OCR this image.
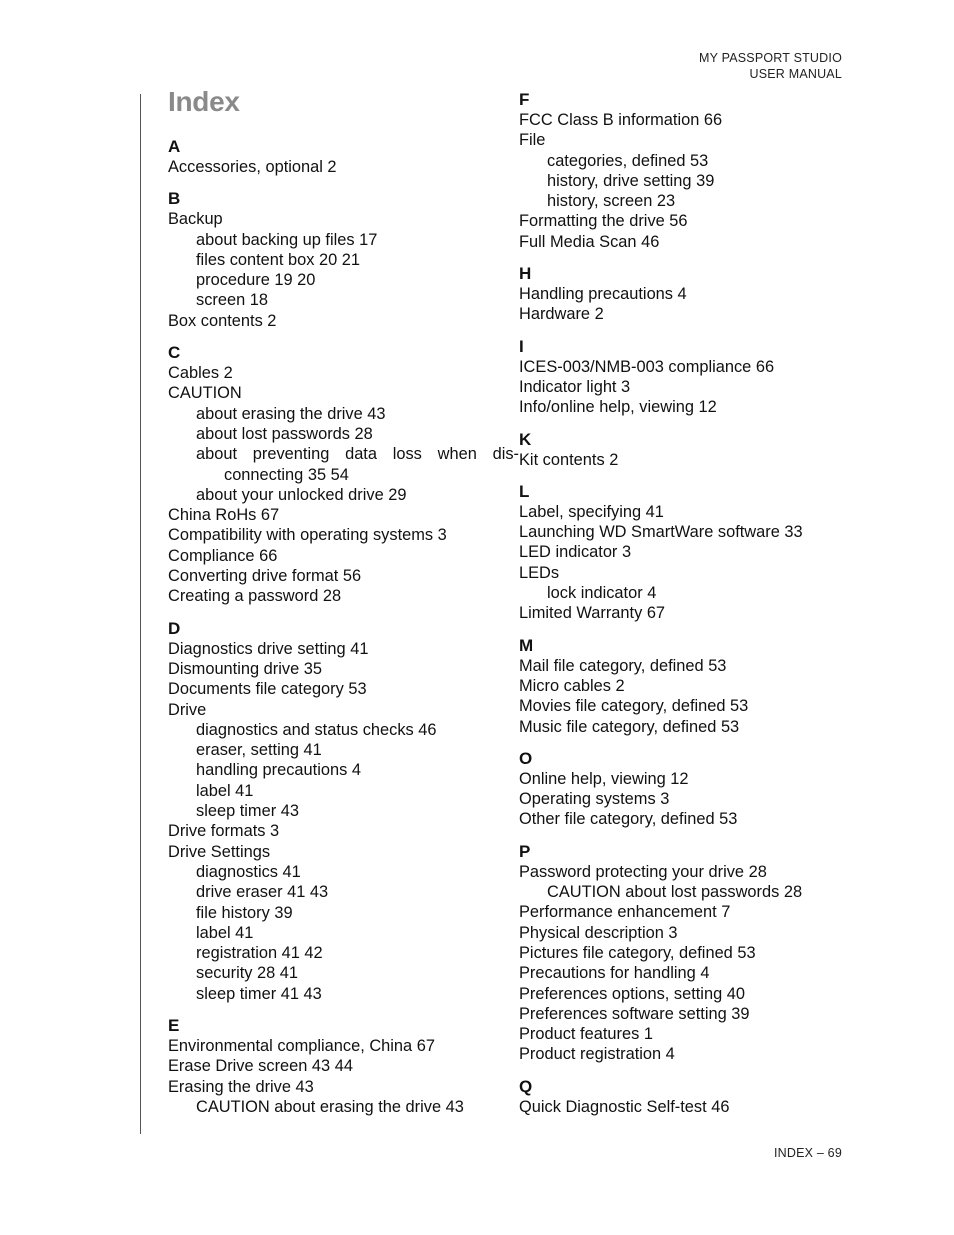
MY PASSPORT STUDIO
USER MANUAL
Index
A
Accessories, optional 2
B
Backup
about backing up files 17
files content box 20 21
procedure 19 20
screen 18
Box contents 2
C
Cables 2
CAUTION
about erasing the drive 43
about lost passwords 28
about preventing data loss when dis-connecting 35 54
about your unlocked drive 29
China RoHs 67
Compatibility with operating systems 3
Compliance 66
Converting drive format 56
Creating a password 28
D
Diagnostics drive setting 41
Dismounting drive 35
Documents file category 53
Drive
diagnostics and status checks 46
eraser, setting 41
handling precautions 4
label 41
sleep timer 43
Drive formats 3
Drive Settings
diagnostics 41
drive eraser 41 43
file history 39
label 41
registration 41 42
security 28 41
sleep timer 41 43
E
Environmental compliance, China 67
Erase Drive screen 43 44
Erasing the drive 43
CAUTION about erasing the drive 43
F
FCC Class B information 66
File
categories, defined 53
history, drive setting 39
history, screen 23
Formatting the drive 56
Full Media Scan 46
H
Handling precautions 4
Hardware 2
I
ICES-003/NMB-003 compliance 66
Indicator light 3
Info/online help, viewing 12
K
Kit contents 2
L
Label, specifying 41
Launching WD SmartWare software 33
LED indicator 3
LEDs
lock indicator 4
Limited Warranty 67
M
Mail file category, defined 53
Micro cables 2
Movies file category, defined 53
Music file category, defined 53
O
Online help, viewing 12
Operating systems 3
Other file category, defined 53
P
Password protecting your drive 28
CAUTION about lost passwords 28
Performance enhancement 7
Physical description 3
Pictures file category, defined 53
Precautions for handling 4
Preferences options, setting 40
Preferences software setting 39
Product features 1
Product registration 4
Q
Quick Diagnostic Self-test 46
INDEX – 69
